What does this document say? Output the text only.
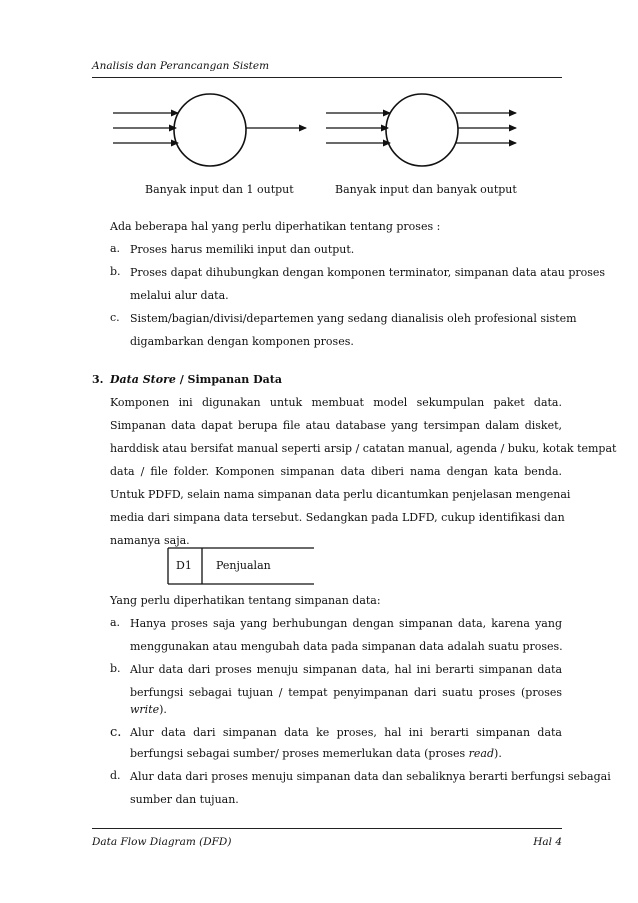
Analisis dan Perancangan Sistem
Banyak input dan 1 output	Banyak input dan banyak output
Ada beberapa hal yang perlu diperhatikan tentang proses :
a. Proses harus memiliki input dan output.
b. Proses dapat dihubungkan dengan komponen terminator, simpanan data atau proses
melalui alur data.
c. Sistem/bagian/divisi/departemen yang sedang dianalisis oleh profesional sistem
digambarkan dengan komponen proses.
3. Data Store / Simpanan Data
Komponen ini digunakan untuk membuat model sekumpulan paket data.
Simpanan data dapat berupa file atau database yang tersimpan dalam disket,
harddisk atau bersifat manual seperti arsip / catatan manual, agenda / buku, kotak tempat
data / file folder. Komponen simpanan data diberi nama dengan kata benda.
Untuk PDFD, selain nama simpanan data perlu dicantumkan penjelasan mengenai
media dari simpana data tersebut. Sedangkan pada LDFD, cukup identifikasi dan
namanya saja.
D1 Penjualan
Yang perlu diperhatikan tentang simpanan data:
a. Hanya proses saja yang berhubungan dengan simpanan data, karena yang
menggunakan atau mengubah data pada simpanan data adalah suatu proses.
b. Alur data dari proses menuju simpanan data, hal ini berarti simpanan data
berfungsi sebagai tujuan / tempat penyimpanan dari suatu proses (proses
write).
c. Alur data dari simpanan data ke proses, hal ini berarti simpanan data
berfungsi sebagai sumber/ proses memerlukan data (proses read).
d. Alur data dari proses menuju simpanan data dan sebaliknya berarti berfungsi sebagai
sumber dan tujuan.
Data Flow Diagram (DFD)	Hal 4
